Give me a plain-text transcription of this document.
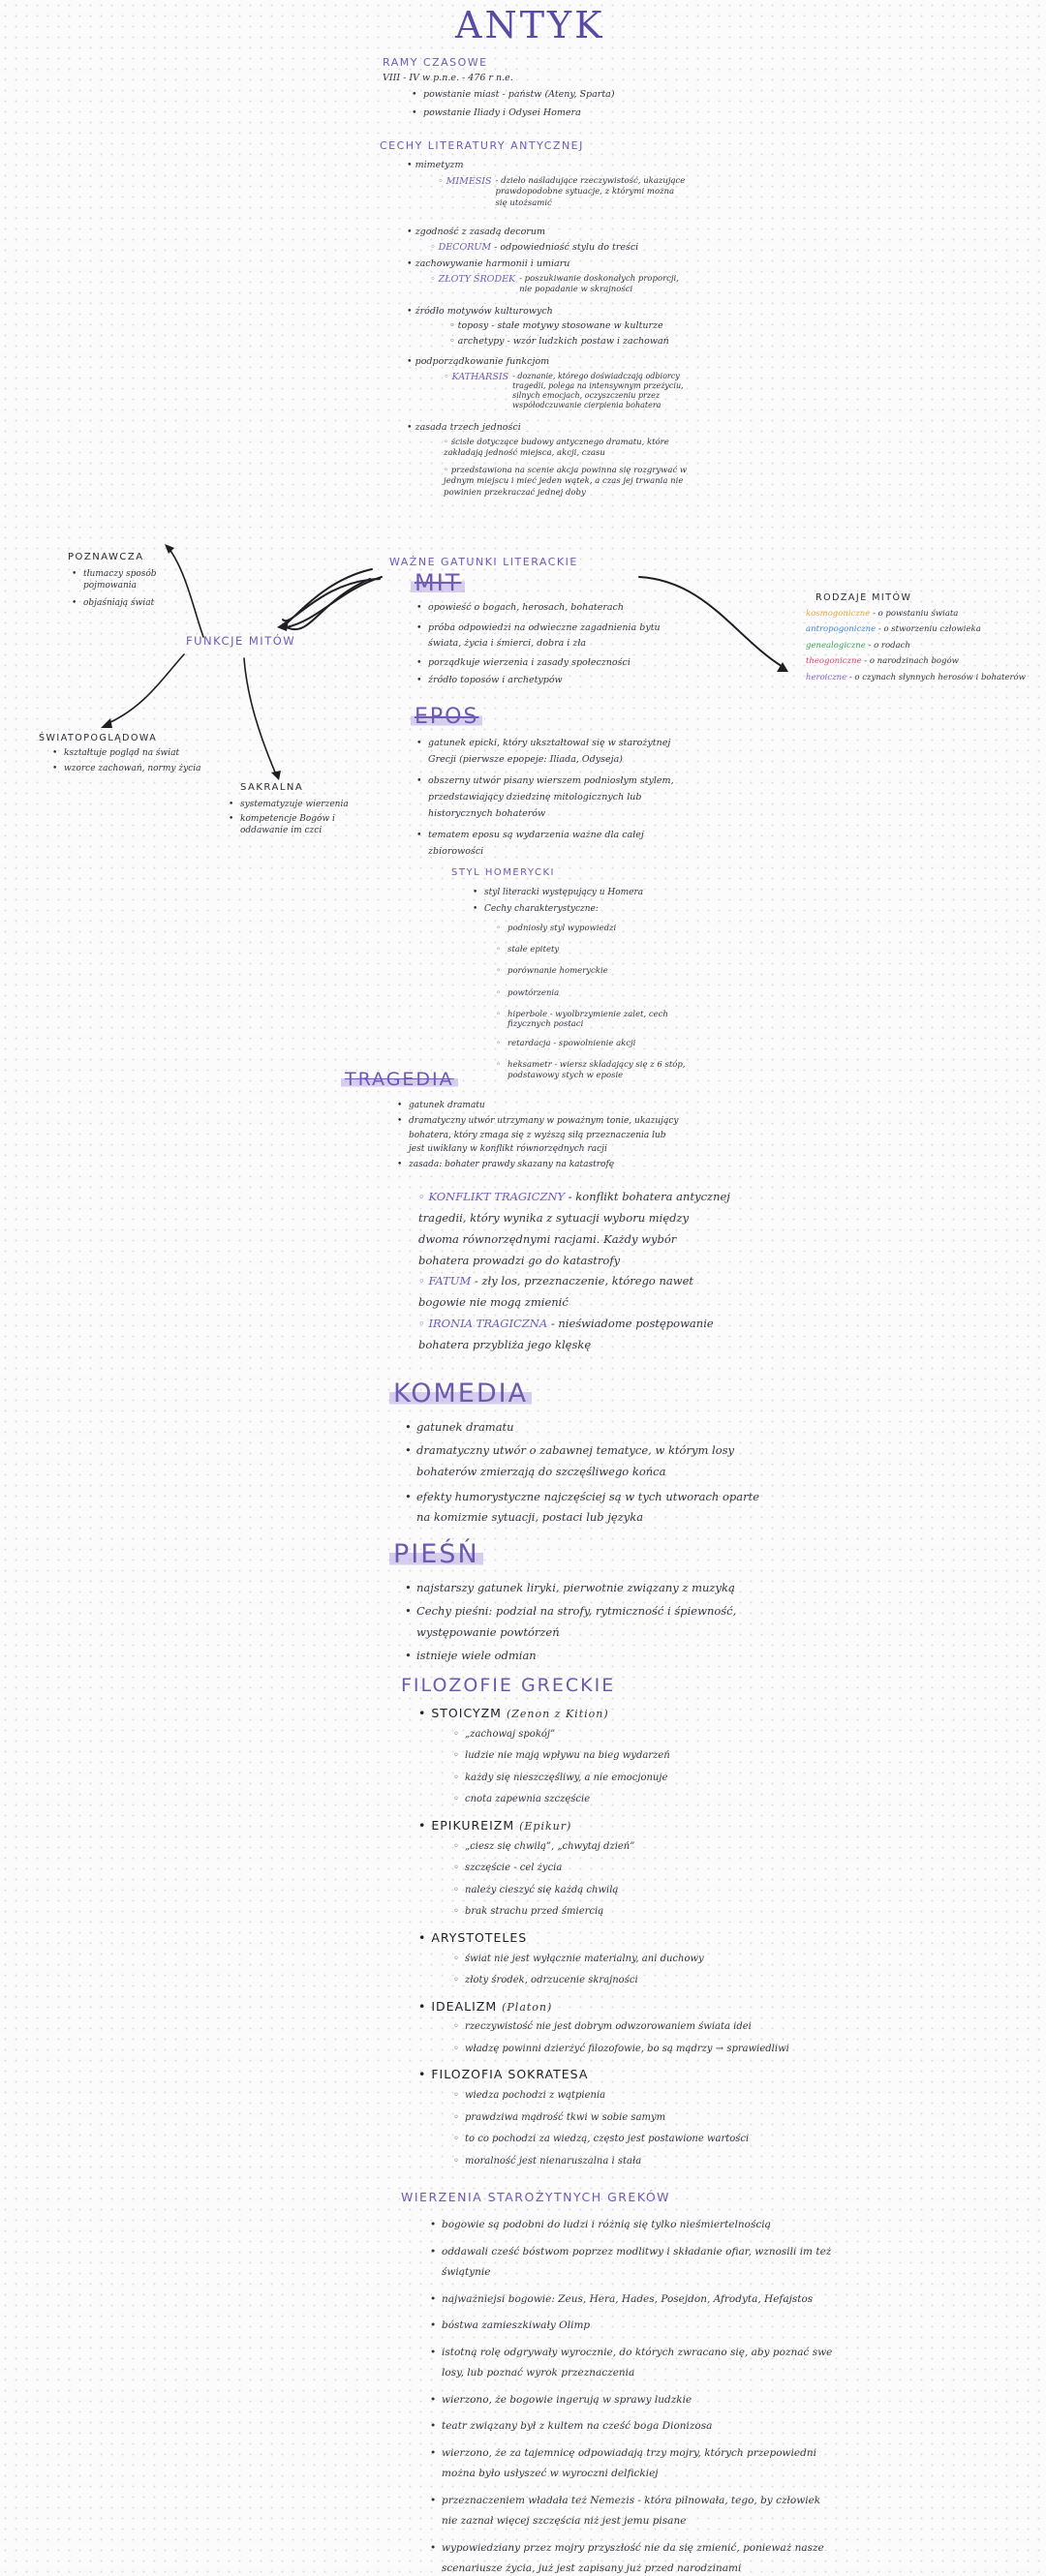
ANTYK
RAMY CZASOWE
VIII - IV w p.n.e. - 476 r n.e.
• powstanie miast - państw (Ateny, Sparta)
• powstanie Iliady i Odysei Homera
CECHY LITERATURY ANTYCZNEJ
• mimetyzm
◦ MIMESIS - dzieło naśladujące rzeczywistość, ukazujące prawdopodobne sytuacje, z którymi można się utożsamić
• zgodność z zasadą decorum
◦ DECORUM - odpowiedniość stylu do treści
• zachowywanie harmonii i umiaru
◦ ZŁOTY ŚRODEK - poszukiwanie doskonałych proporcji, nie popadanie w skrajności
• źródło motywów kulturowych
◦ toposy - stałe motywy stosowane w kulturze
◦ archetypy - wzór ludzkich postaw i zachowań
• podporządkowanie funkcjom
◦ KATHARSIS - doznanie, którego doświadczają odbiorcy tragedii, polega na intensywnym przeżyciu, silnych emocjach, oczyszczeniu przez współodczuwanie cierpienia bohatera
• zasada trzech jedności
◦ ścisłe dotyczące budowy antycznego dramatu, które zakładają jedność miejsca, akcji, czasu
◦ przedstawiona na scenie akcja powinna się rozgrywać w jednym miejscu i mieć jeden wątek, a czas jej trwania nie powinien przekraczać jednej doby
WAŻNE GATUNKI LITERACKIE
MIT
• opowieść o bogach, herosach, bohaterach
• próba odpowiedzi na odwieczne zagadnienia bytu świata, życia i śmierci, dobra i zła
• porządkuje wierzenia i zasady społeczności
• źródło toposów i archetypów
FUNKCJE MITÓW
POZNAWCZA
• tłumaczy sposób pojmowania
• objaśniają świat
ŚWIATOPOGLĄDOWA
• kształtuje pogląd na świat
• wzorce zachowań, normy życia
SAKRALNA
• systematyzuje wierzenia
• kompetencje Bogów i oddawanie im czci
RODZAJE MITÓW
kosmogoniczne - o powstaniu świata
antropogoniczne - o stworzeniu człowieka
genealogiczne - o rodach
theogoniczne - o narodzinach bogów
heroiczne - o czynach słynnych herosów i bohaterów
EPOS
• gatunek epicki, który ukształtował się w starożytnej Grecji (pierwsze epopeje: Iliada, Odyseja)
• obszerny utwór pisany wierszem podniosłym stylem, przedstawiający dziedzinę mitologicznych lub historycznych bohaterów
• tematem eposu są wydarzenia ważne dla całej zbiorowości
STYL HOMERYCKI
• styl literacki występujący u Homera
• Cechy charakterystyczne:
◦ podniosły styl wypowiedzi
◦ stałe epitety
◦ porównanie homeryckie
◦ powtórzenia
◦ hiperbole - wyolbrzymienie zalet, cech fizycznych postaci
◦ retardacja - spowolnienie akcji
◦ heksametr - wiersz składający się z 6 stóp, podstawowy stych w eposie
TRAGEDIA
• gatunek dramatu
• dramatyczny utwór utrzymany w poważnym tonie, ukazujący bohatera, który zmaga się z wyższą siłą przeznaczenia lub jest uwikłany w konflikt równorzędnych racji
• zasada: bohater prawdy skazany na katastrofę
◦ KONFLIKT TRAGICZNY - konflikt bohatera antycznej tragedii, który wynika z sytuacji wyboru między dwoma równorzędnymi racjami. Każdy wybór bohatera prowadzi go do katastrofy
◦ FATUM - zły los, przeznaczenie, którego nawet bogowie nie mogą zmienić
◦ IRONIA TRAGICZNA - nieświadome postępowanie bohatera przybliża jego klęskę
KOMEDIA
• gatunek dramatu
• dramatyczny utwór o zabawnej tematyce, w którym losy bohaterów zmierzają do szczęśliwego końca
• efekty humorystyczne najczęściej są w tych utworach oparte na komizmie sytuacji, postaci lub języka
PIEŚŃ
• najstarszy gatunek liryki, pierwotnie związany z muzyką
• Cechy pieśni: podział na strofy, rytmiczność i śpiewność, występowanie powtórzeń
• istnieje wiele odmian
FILOZOFIE GRECKIE
• STOICYZM (Zenon z Kition)
◦ „zachowaj spokój”
◦ ludzie nie mają wpływu na bieg wydarzeń
◦ każdy się nieszczęśliwy, a nie emocjonuje
◦ cnota zapewnia szczęście
• EPIKUREIZM (Epikur)
◦ „ciesz się chwilą”, „chwytaj dzień”
◦ szczęście - cel życia
◦ należy cieszyć się każdą chwilą
◦ brak strachu przed śmiercią
• ARYSTOTELES
◦ świat nie jest wyłącznie materialny, ani duchowy
◦ złoty środek, odrzucenie skrajności
• IDEALIZM (Platon)
◦ rzeczywistość nie jest dobrym odwzorowaniem świata idei
◦ władzę powinni dzierżyć filozofowie, bo są mądrzy → sprawiedliwi
• FILOZOFIA SOKRATESA
◦ wiedza pochodzi z wątpienia
◦ prawdziwa mądrość tkwi w sobie samym
◦ to co pochodzi za wiedzą, często jest postawione wartości
◦ moralność jest nienaruszalna i stała
WIERZENIA STAROŻYTNYCH GREKÓW
• bogowie są podobni do ludzi i różnią się tylko nieśmiertelnością
• oddawali cześć bóstwom poprzez modlitwy i składanie ofiar, wznosili im też świątynie
• najważniejsi bogowie: Zeus, Hera, Hades, Posejdon, Afrodyta, Hefajstos
• bóstwa zamieszkiwały Olimp
• istotną rolę odgrywały wyrocznie, do których zwracano się, aby poznać swe losy, lub poznać wyrok przeznaczenia
• wierzono, że bogowie ingerują w sprawy ludzkie
• teatr związany był z kultem na cześć boga Dionizosa
• wierzono, że za tajemnicę odpowiadają trzy mojry, których przepowiedni można było usłyszeć w wyroczni delfickiej
• przeznaczeniem władała też Nemezis - która pilnowała, tego, by człowiek nie zaznał więcej szczęścia niż jest jemu pisane
• wypowiedziany przez mojry przyszłość nie da się zmienić, ponieważ nasze scenariusze życia, już jest zapisany już przed narodzinami
